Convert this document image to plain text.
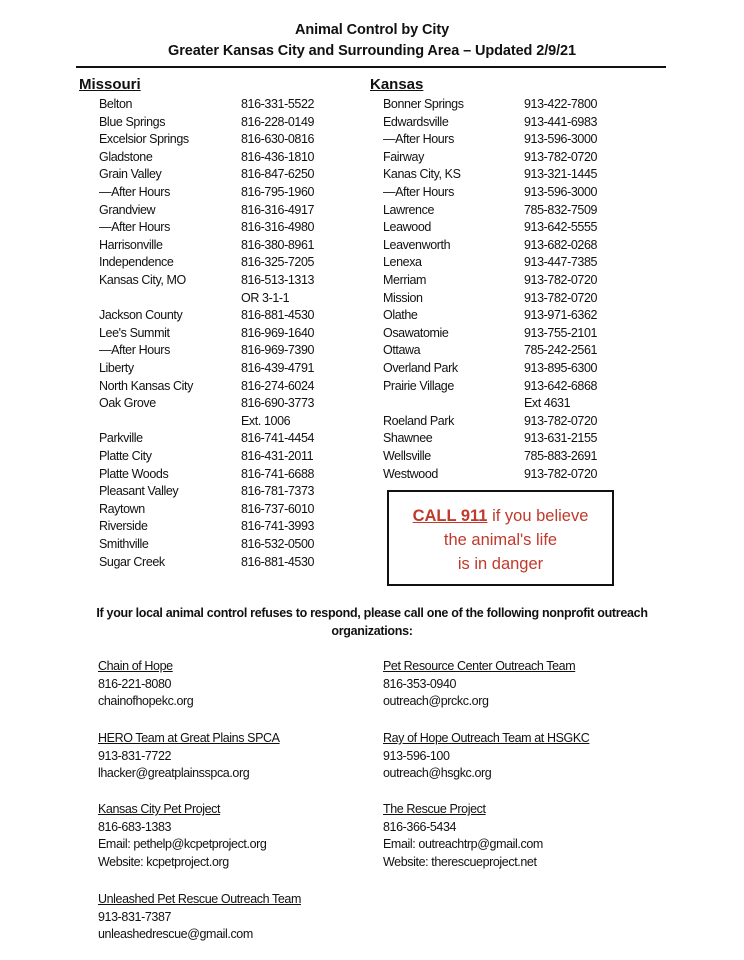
Animal Control by City
Greater Kansas City and Surrounding Area – Updated 2/9/21
Missouri	Kansas
Belton	816-331-5522
Blue Springs	816-228-0149
Excelsior Springs	816-630-0816
Gladstone	816-436-1810
Grain Valley	816-847-6250
—After Hours	816-795-1960
Grandview	816-316-4917
—After Hours	816-316-4980
Harrisonville	816-380-8961
Independence	816-325-7205
Kansas City, MO	816-513-1313
OR 3-1-1
Jackson County	816-881-4530
Lee's Summit	816-969-1640
—After Hours	816-969-7390
Liberty	816-439-4791
North Kansas City	816-274-6024
Oak Grove	816-690-3773
Ext. 1006
Parkville	816-741-4454
Platte City	816-431-2011
Platte Woods	816-741-6688
Pleasant Valley	816-781-7373
Raytown	816-737-6010
Riverside	816-741-3993
Smithville	816-532-0500
Sugar Creek	816-881-4530
Bonner Springs	913-422-7800
Edwardsville	913-441-6983
—After Hours	913-596-3000
Fairway	913-782-0720
Kanas City, KS	913-321-1445
—After Hours	913-596-3000
Lawrence	785-832-7509
Leawood	913-642-5555
Leavenworth	913-682-0268
Lenexa	913-447-7385
Merriam	913-782-0720
Mission	913-782-0720
Olathe	913-971-6362
Osawatomie	913-755-2101
Ottawa	785-242-2561
Overland Park	913-895-6300
Prairie Village	913-642-6868
Ext 4631
Roeland Park	913-782-0720
Shawnee	913-631-2155
Wellsville	785-883-2691
Westwood	913-782-0720
CALL 911 if you believe
the animal's life
is in danger
If your local animal control refuses to respond, please call one of the following nonprofit outreach organizations:
Chain of Hope
816-221-8080
chainofhopekc.org
Pet Resource Center Outreach Team
816-353-0940
outreach@prckc.org
HERO Team at Great Plains SPCA
913-831-7722
lhacker@greatplainsspca.org
Ray of Hope Outreach Team at HSGKC
913-596-100
outreach@hsgkc.org
Kansas City Pet Project
816-683-1383
Email: pethelp@kcpetproject.org
Website: kcpetproject.org
The Rescue Project
816-366-5434
Email: outreachtrp@gmail.com
Website: therescueproject.net
Unleashed Pet Rescue Outreach Team
913-831-7387
unleashedrescue@gmail.com
